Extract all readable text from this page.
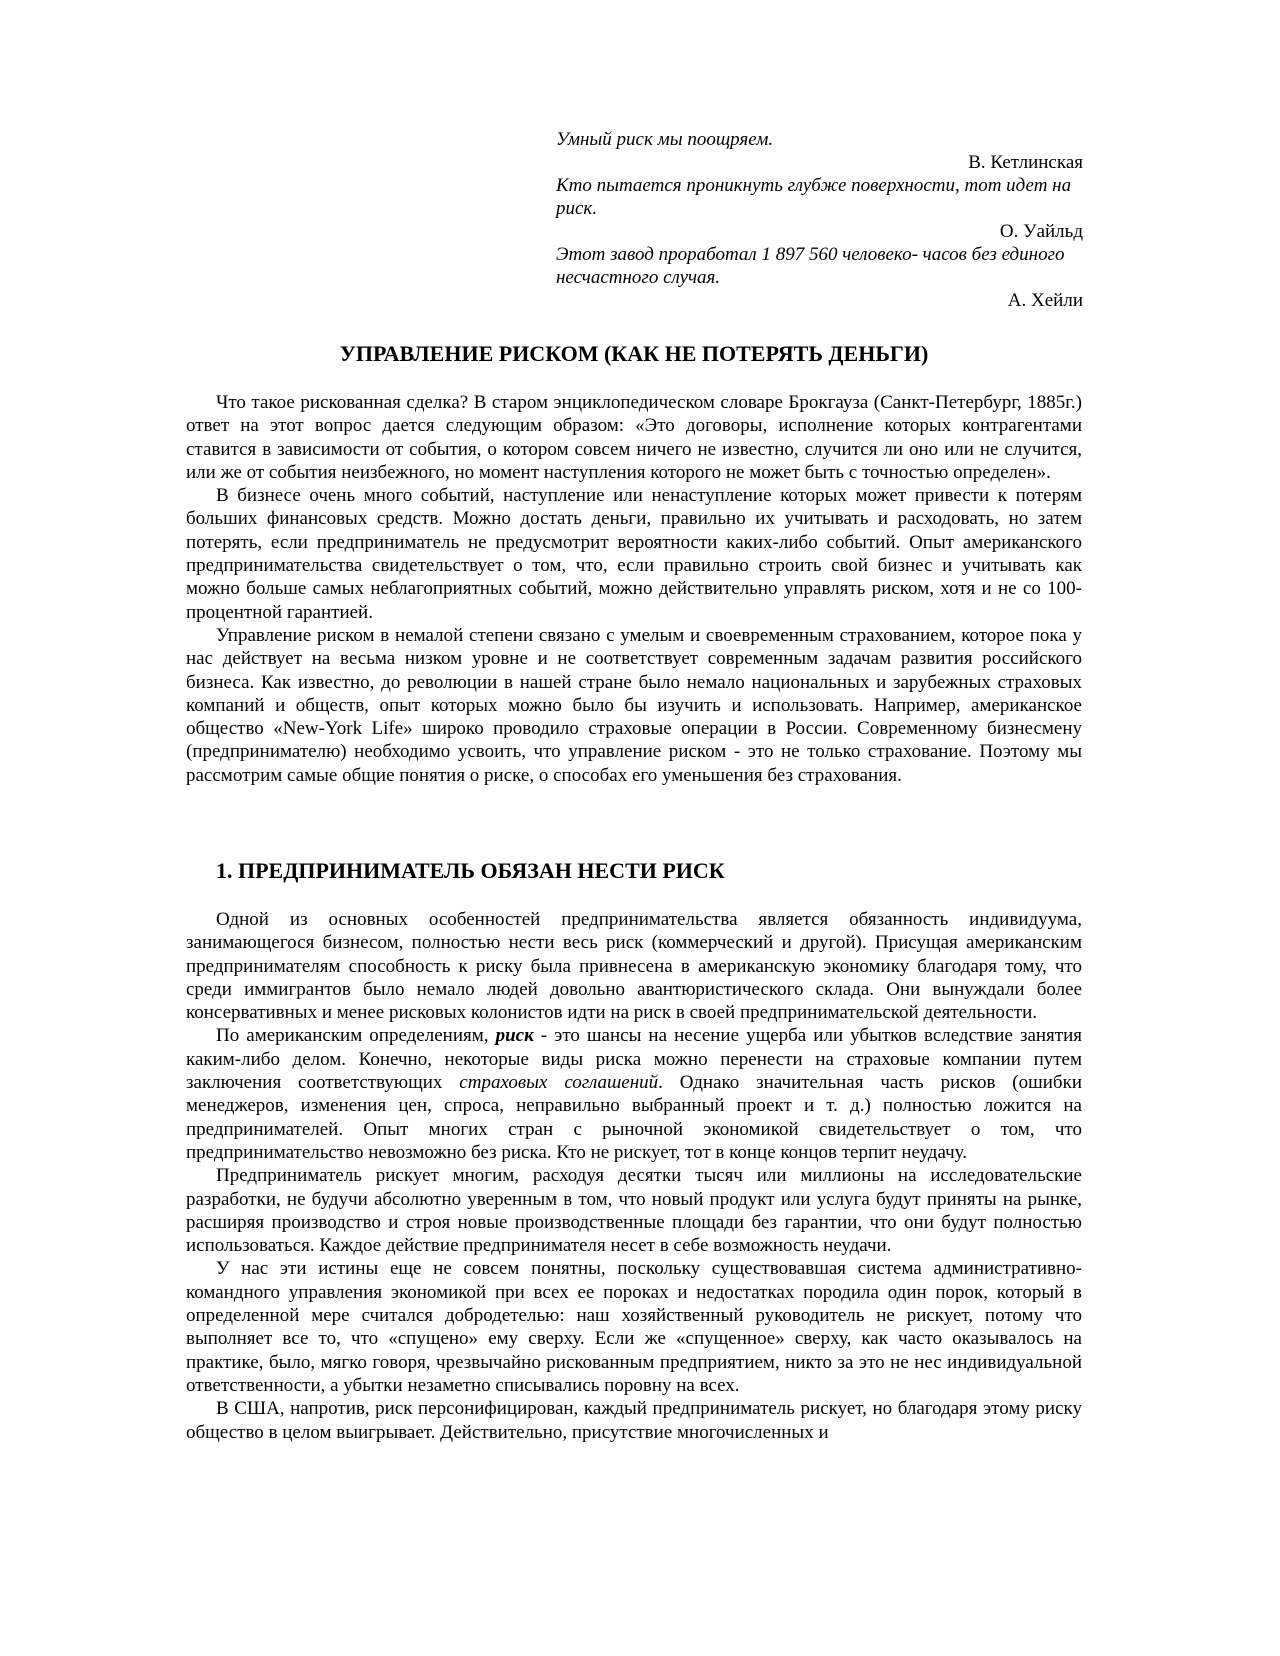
Умный риск мы поощряем.
В. Кетлинская
Кто пытается проникнуть глубже поверхности, тот идет на риск.
О. Уайльд
Этот завод проработал 1 897 560 человеко- часов без единого несчастного случая.
А. Хейли
УПРАВЛЕНИЕ РИСКОМ (КАК НЕ ПОТЕРЯТЬ ДЕНЬГИ)

Что такое рискованная сделка? В старом энциклопедическом словаре Брокгауза (Санкт-Петербург, 1885г.) ответ на этот вопрос дается следующим образом: «Это договоры, исполнение которых контрагентами ставится в зависимости от события, о котором совсем ничего не известно, случится ли оно или не случится, или же от события неизбежного, но момент наступления которого не может быть с точностью определен».

В бизнесе очень много событий, наступление или ненаступление которых может привести к потерям больших финансовых средств. Можно достать деньги, правильно их учитывать и расходовать, но затем потерять, если предприниматель не предусмотрит вероятности каких-либо событий. Опыт американского предпринимательства свидетельствует о том, что, если правильно строить свой бизнес и учитывать как можно больше самых неблагоприятных событий, можно действительно управлять риском, хотя и не со 100-процентной гарантией.

Управление риском в немалой степени связано с умелым и своевременным страхованием, которое пока у нас действует на весьма низком уровне и не соответствует современным задачам развития российского бизнеса. Как известно, до революции в нашей стране было немало национальных и зарубежных страховых компаний и обществ, опыт которых можно было бы изучить и использовать. Например, американское общество «New-York Life» широко проводило страховые операции в России. Современному бизнесмену (предпринимателю) необходимо усвоить, что управление риском - это не только страхование. Поэтому мы рассмотрим самые общие понятия о риске, о способах его уменьшения без страхования.

1. ПРЕДПРИНИМАТЕЛЬ ОБЯЗАН НЕСТИ РИСК

Одной из основных особенностей предпринимательства является обязанность индивидуума, занимающегося бизнесом, полностью нести весь риск (коммерческий и другой). Присущая американским предпринимателям способность к риску была привнесена в американскую экономику благодаря тому, что среди иммигрантов было немало людей довольно авантюристического склада. Они вынуждали более консервативных и менее рисковых колонистов идти на риск в своей предпринимательской деятельности.

По американским определениям, риск - это шансы на несение ущерба или убытков вследствие занятия каким-либо делом. Конечно, некоторые виды риска можно перенести на страховые компании путем заключения соответствующих страховых соглашений. Однако значительная часть рисков (ошибки менеджеров, изменения цен, спроса, неправильно выбранный проект и т. д.) полностью ложится на предпринимателей. Опыт многих стран с рыночной экономикой свидетельствует о том, что предпринимательство невозможно без риска. Кто не рискует, тот в конце концов терпит неудачу.

Предприниматель рискует многим, расходуя десятки тысяч или миллионы на исследовательские разработки, не будучи абсолютно уверенным в том, что новый продукт или услуга будут приняты на рынке, расширяя производство и строя новые производственные площади без гарантии, что они будут полностью использоваться. Каждое действие предпринимателя несет в себе возможность неудачи.

У нас эти истины еще не совсем понятны, поскольку существовавшая система административно-командного управления экономикой при всех ее пороках и недостатках породила один порок, который в определенной мере считался добродетелью: наш хозяйственный руководитель не рискует, потому что выполняет все то, что «спущено» ему сверху. Если же «спущенное» сверху, как часто оказывалось на практике, было, мягко говоря, чрезвычайно рискованным предприятием, никто за это не нес индивидуальной ответственности, а убытки незаметно списывались поровну на всех.

В США, напротив, риск персонифицирован, каждый предприниматель рискует, но благодаря этому риску общество в целом выигрывает. Действительно, присутствие многочисленных и
